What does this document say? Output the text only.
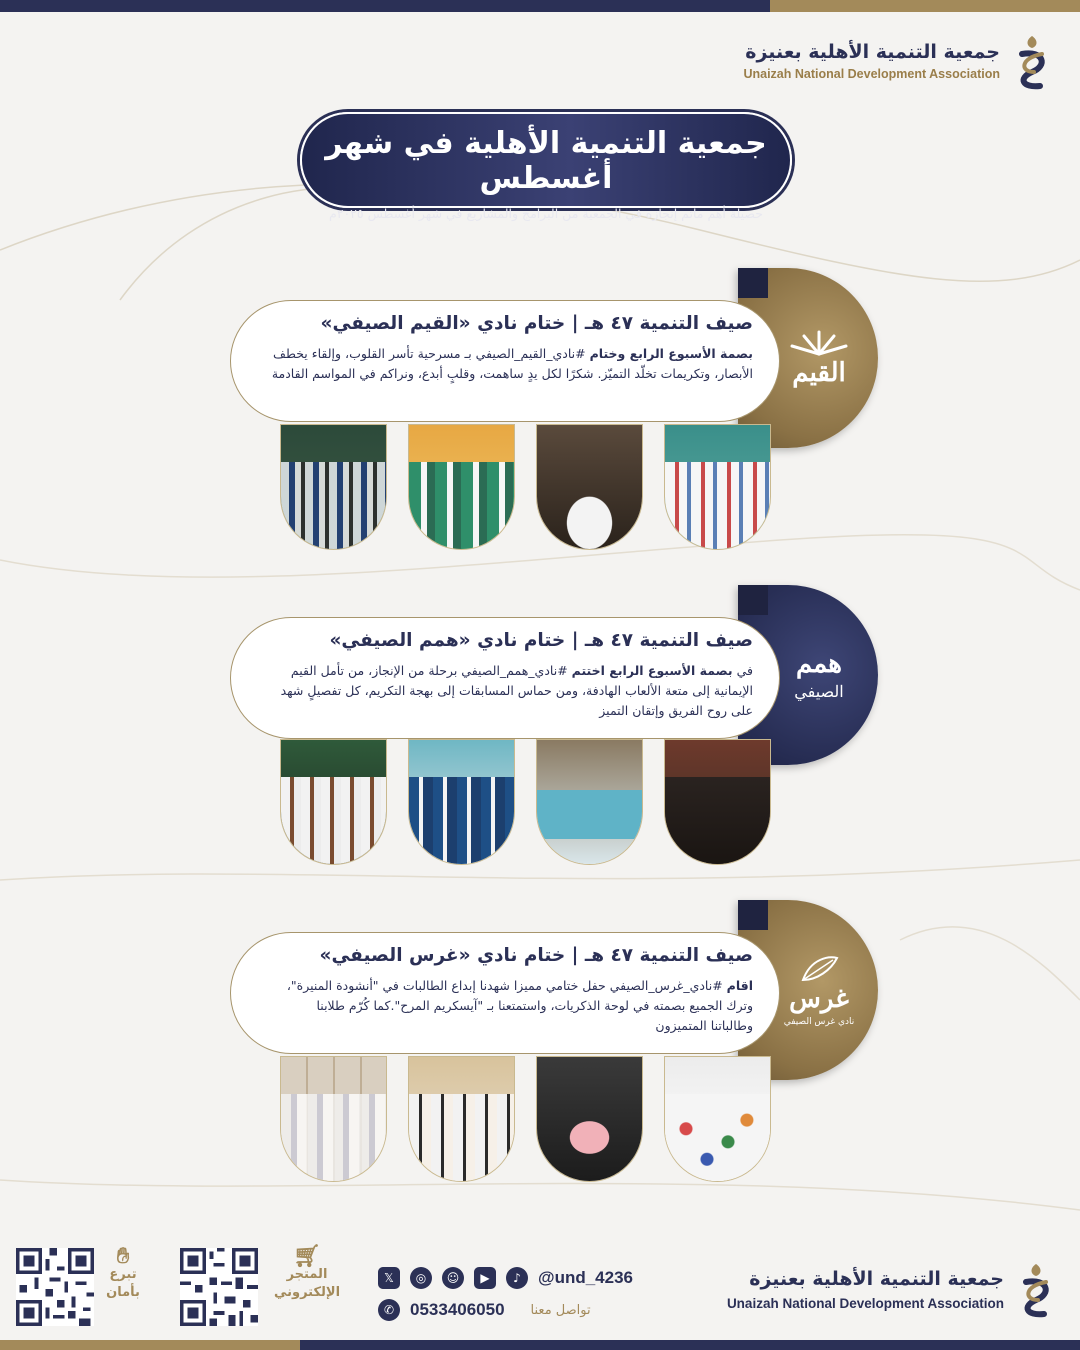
جمعية التنمية الأهلية بعنيزة
Unaizah National Development Association
جمعية التنمية الأهلية في شهر أغسطس
حصيلة أهم ماتم إنجازه في الجمعية من البرامج والمشاريع في شهر أغسطس ٢٠٢٥م
القيم
صيف التنمية ٤٧ هـ | ختام نادي «القيم الصيفي»
بصمة الأسبوع الرابع وختام #نادي_القيم_الصيفي بـ مسرحية تأسر القلوب، وإلقاء يخطف الأبصار، وتكريمات تخلّد التميّز. شكرًا لكل يدٍ ساهمت، وقلبٍ أبدع، ونراكم في المواسم القادمة
همم
الصيفي
صيف التنمية ٤٧ هـ | ختام نادي «همم الصيفي»
في بصمة الأسبوع الرابع اختتم #نادي_همم_الصيفي برحلة من الإنجاز، من تأمل القيم الإيمانية إلى متعة الألعاب الهادفة، ومن حماس المسابقات إلى بهجة التكريم، كل تفصيلٍ شهد على روح الفريق وإتقان التميز
غرس
نادي غرس الصيفي
صيف التنمية ٤٧ هـ | ختام نادي «غرس الصيفي»
اقام #نادي_غرس_الصيفي حفل ختامي مميزا شهدنا إبداع الطالبات في "أنشودة المنيرة"، وترك الجميع بصمته في لوحة الذكريات، واستمتعنا بـ "آيسكريم المرح".كما كُرّم طلابنا وطالباتنا المتميزون
جمعية التنمية الأهلية بعنيزة
Unaizah National Development Association
𝕏	◎	☺	▶	♪	@und_4236
✆ 0533406050 تواصل معنا
🛒︎
المتجر
الإلكتروني
✋︎
تبرع
بأمان
